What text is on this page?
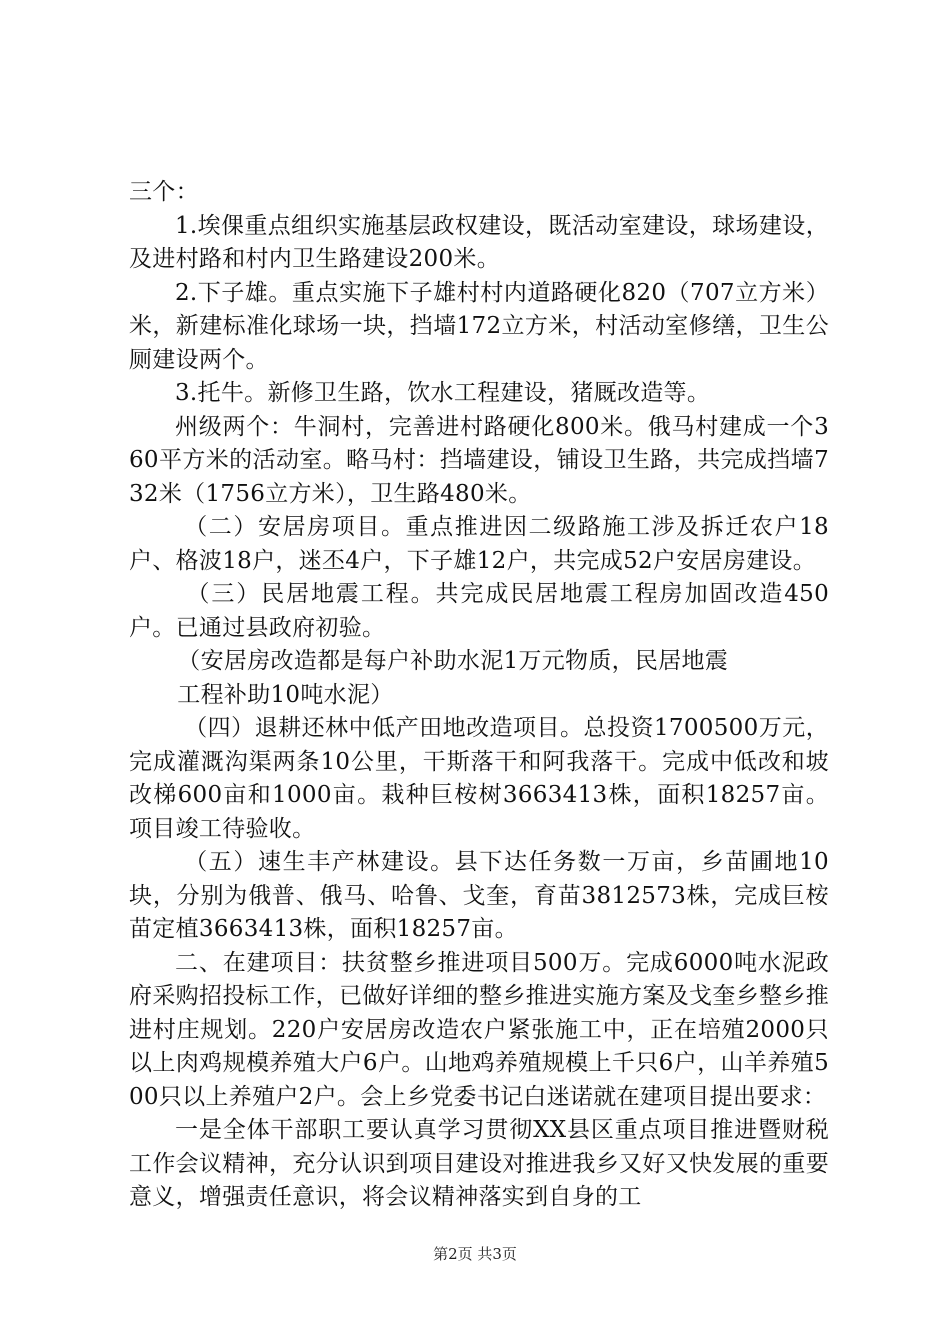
三个：

1.埃倮重点组织实施基层政权建设，既活动室建设，球场建设，及进村路和村内卫生路建设200米。

2.下子雄。重点实施下子雄村村内道路硬化820（707立方米）米，新建标准化球场一块，挡墙172立方米，村活动室修缮，卫生公厕建设两个。

3.托牛。新修卫生路，饮水工程建设，猪厩改造等。

州级两个：牛洞村，完善进村路硬化800米。俄马村建成一个360平方米的活动室。略马村：挡墙建设，铺设卫生路，共完成挡墙732米（1756立方米），卫生路480米。

（二）安居房项目。重点推进因二级路施工涉及拆迁农户18户、格波18户，迷丕4户，下子雄12户，共完成52户安居房建设。

（三）民居地震工程。共完成民居地震工程房加固改造450户。已通过县政府初验。

（安居房改造都是每户补助水泥1万元物质，民居地震

工程补助10吨水泥）

（四）退耕还林中低产田地改造项目。总投资1700500万元，完成灌溉沟渠两条10公里，干斯落干和阿我落干。完成中低改和坡改梯600亩和1000亩。栽种巨桉树3663413株，面积18257亩。项目竣工待验收。

（五）速生丰产林建设。县下达任务数一万亩，乡苗圃地10块，分别为俄普、俄马、哈鲁、戈奎，育苗3812573株，完成巨桉苗定植3663413株，面积18257亩。

二、在建项目：扶贫整乡推进项目500万。完成6000吨水泥政府采购招投标工作，已做好详细的整乡推进实施方案及戈奎乡整乡推进村庄规划。220户安居房改造农户紧张施工中，正在培殖2000只以上肉鸡规模养殖大户6户。山地鸡养殖规模上千只6户，山羊养殖500只以上养殖户2户。会上乡党委书记白迷诺就在建项目提出要求：

一是全体干部职工要认真学习贯彻XX县区重点项目推进暨财税工作会议精神，充分认识到项目建设对推进我乡又好又快发展的重要意义，增强责任意识，将会议精神落实到自身的工

第2页 共3页
